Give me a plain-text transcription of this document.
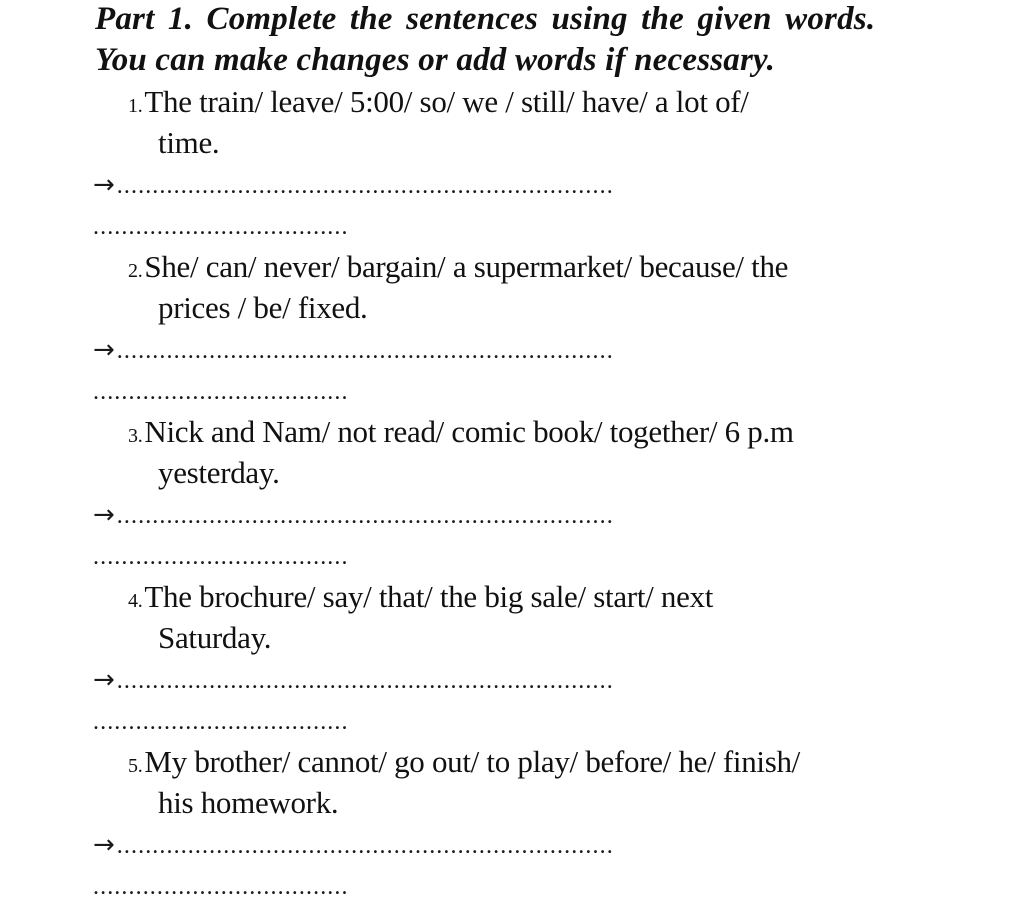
Part 1. Complete the sentences using the given words.
You can make changes or add words if necessary.
1.The train/ leave/ 5:00/ so/ we / still/ have/ a lot of/
time.
→......................................................................
....................................
2.She/ can/ never/ bargain/ a supermarket/ because/ the
prices / be/ fixed.
→......................................................................
....................................
3.Nick and Nam/ not read/ comic book/ together/ 6 p.m
yesterday.
→......................................................................
....................................
4.The brochure/ say/ that/ the big sale/ start/ next
Saturday.
→......................................................................
....................................
5.My brother/ cannot/ go out/ to play/ before/ he/ finish/
his homework.
→......................................................................
....................................
